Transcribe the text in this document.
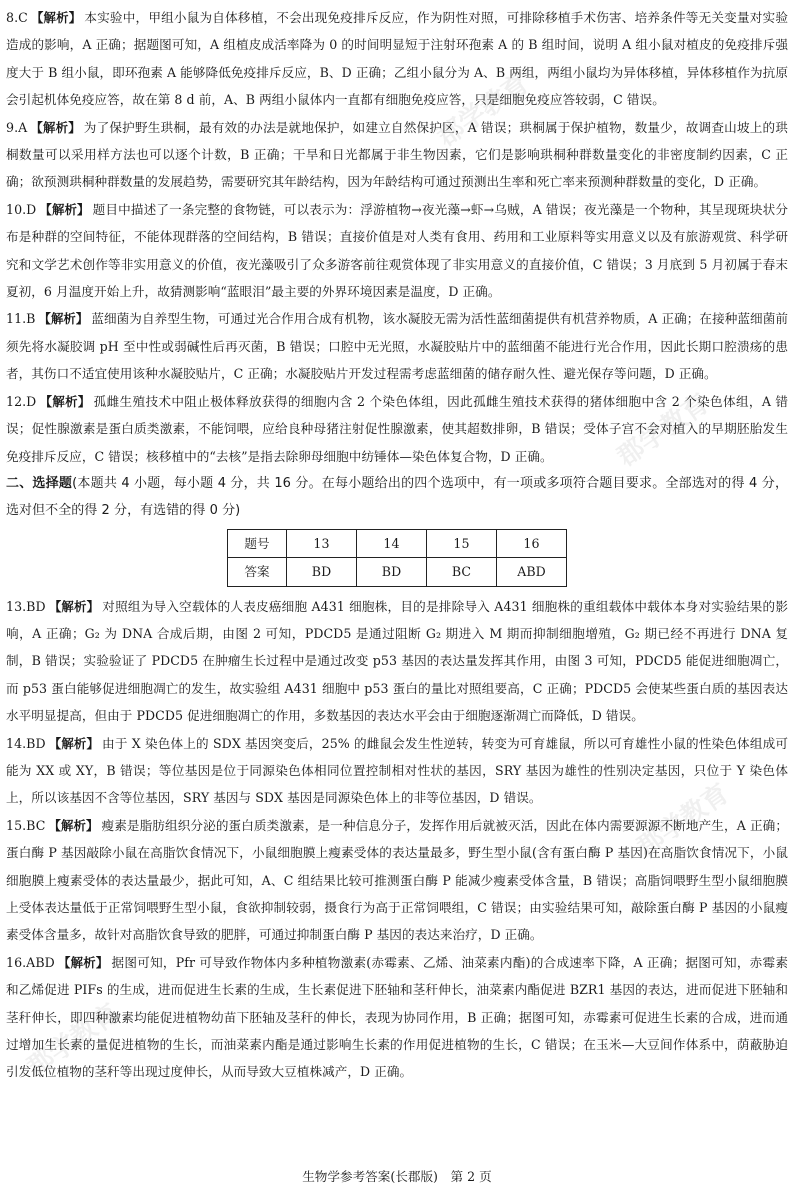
郡学教育
郡学教育
郡学教育
郡学教育

8.C 【解析】 本实验中，甲组小鼠为自体移植，不会出现免疫排斥反应，作为阴性对照，可排除移植手术伤害、培养条件等无关变量对实验造成的影响，A 正确；据题图可知，A 组植皮成活率降为 0 的时间明显短于注射环孢素 A 的 B 组时间，说明 A 组小鼠对植皮的免疫排斥强度大于 B 组小鼠，即环孢素 A 能够降低免疫排斥反应，B、D 正确；乙组小鼠分为 A、B 两组，两组小鼠均为异体移植，异体移植作为抗原会引起机体免疫应答，故在第 8 d 前，A、B 两组小鼠体内一直都有细胞免疫应答，只是细胞免疫应答较弱，C 错误。

9.A 【解析】 为了保护野生珙桐，最有效的办法是就地保护，如建立自然保护区，A 错误；珙桐属于保护植物，数量少，故调查山坡上的珙桐数量可以采用样方法也可以逐个计数，B 正确；干旱和日光都属于非生物因素，它们是影响珙桐种群数量变化的非密度制约因素，C 正确；欲预测珙桐种群数量的发展趋势，需要研究其年龄结构，因为年龄结构可通过预测出生率和死亡率来预测种群数量的变化，D 正确。

10.D 【解析】 题目中描述了一条完整的食物链，可以表示为：浮游植物→夜光藻→虾→乌贼，A 错误；夜光藻是一个物种，其呈现斑块状分布是种群的空间特征，不能体现群落的空间结构，B 错误；直接价值是对人类有食用、药用和工业原料等实用意义以及有旅游观赏、科学研究和文学艺术创作等非实用意义的价值，夜光藻吸引了众多游客前往观赏体现了非实用意义的直接价值，C 错误；3 月底到 5 月初属于春末夏初，6 月温度开始上升，故猜测影响“蓝眼泪”最主要的外界环境因素是温度，D 正确。

11.B 【解析】 蓝细菌为自养型生物，可通过光合作用合成有机物，该水凝胶无需为活性蓝细菌提供有机营养物质，A 正确；在接种蓝细菌前须先将水凝胶调 pH 至中性或弱碱性后再灭菌，B 错误；口腔中无光照，水凝胶贴片中的蓝细菌不能进行光合作用，因此长期口腔溃疡的患者，其伤口不适宜使用该种水凝胶贴片，C 正确；水凝胶贴片开发过程需考虑蓝细菌的储存耐久性、避光保存等问题，D 正确。

12.D 【解析】 孤雌生殖技术中阻止极体释放获得的细胞内含 2 个染色体组，因此孤雌生殖技术获得的猪体细胞中含 2 个染色体组，A 错误；促性腺激素是蛋白质类激素，不能饲喂，应给良种母猪注射促性腺激素，使其超数排卵，B 错误；受体子宫不会对植入的早期胚胎发生免疫排斥反应，C 错误；核移植中的“去核”是指去除卵母细胞中纺锤体—染色体复合物，D 正确。

二、选择题(本题共 4 小题，每小题 4 分，共 16 分。在每小题给出的四个选项中，有一项或多项符合题目要求。全部选对的得 4 分，选对但不全的得 2 分，有选错的得 0 分)

题号	13	14	15	16
答案	BD	BD	BC	ABD

13.BD 【解析】 对照组为导入空载体的人表皮癌细胞 A431 细胞株，目的是排除导入 A431 细胞株的重组载体中载体本身对实验结果的影响，A 正确；G₂ 为 DNA 合成后期，由图 2 可知，PDCD5 是通过阻断 G₂ 期进入 M 期而抑制细胞增殖，G₂ 期已经不再进行 DNA 复制，B 错误；实验验证了 PDCD5 在肿瘤生长过程中是通过改变 p53 基因的表达量发挥其作用，由图 3 可知，PDCD5 能促进细胞凋亡，而 p53 蛋白能够促进细胞凋亡的发生，故实验组 A431 细胞中 p53 蛋白的量比对照组要高，C 正确；PDCD5 会使某些蛋白质的基因表达水平明显提高，但由于 PDCD5 促进细胞凋亡的作用，多数基因的表达水平会由于细胞逐渐凋亡而降低，D 错误。

14.BD 【解析】 由于 X 染色体上的 SDX 基因突变后，25% 的雌鼠会发生性逆转，转变为可育雄鼠，所以可育雄性小鼠的性染色体组成可能为 XX 或 XY，B 错误；等位基因是位于同源染色体相同位置控制相对性状的基因，SRY 基因为雄性的性别决定基因，只位于 Y 染色体上，所以该基因不含等位基因，SRY 基因与 SDX 基因是同源染色体上的非等位基因，D 错误。

15.BC 【解析】 瘦素是脂肪组织分泌的蛋白质类激素，是一种信息分子，发挥作用后就被灭活，因此在体内需要源源不断地产生，A 正确；蛋白酶 P 基因敲除小鼠在高脂饮食情况下，小鼠细胞膜上瘦素受体的表达量最多，野生型小鼠(含有蛋白酶 P 基因)在高脂饮食情况下，小鼠细胞膜上瘦素受体的表达量最少，据此可知，A、C 组结果比较可推测蛋白酶 P 能减少瘦素受体含量，B 错误；高脂饲喂野生型小鼠细胞膜上受体表达量低于正常饲喂野生型小鼠，食欲抑制较弱，摄食行为高于正常饲喂组，C 错误；由实验结果可知，敲除蛋白酶 P 基因的小鼠瘦素受体含量多，故针对高脂饮食导致的肥胖，可通过抑制蛋白酶 P 基因的表达来治疗，D 正确。

16.ABD 【解析】 据图可知，Pfr 可导致作物体内多种植物激素(赤霉素、乙烯、油菜素内酯)的合成速率下降，A 正确；据图可知，赤霉素和乙烯促进 PIFs 的生成，进而促进生长素的生成，生长素促进下胚轴和茎秆伸长，油菜素内酯促进 BZR1 基因的表达，进而促进下胚轴和茎秆伸长，即四种激素均能促进植物幼苗下胚轴及茎秆的伸长，表现为协同作用，B 正确；据图可知，赤霉素可促进生长素的合成，进而通过增加生长素的量促进植物的生长，而油菜素内酯是通过影响生长素的作用促进植物的生长，C 错误；在玉米—大豆间作体系中，荫蔽胁迫引发低位植物的茎秆等出现过度伸长，从而导致大豆植株减产，D 正确。

生物学参考答案(长郡版)　第 2 页
